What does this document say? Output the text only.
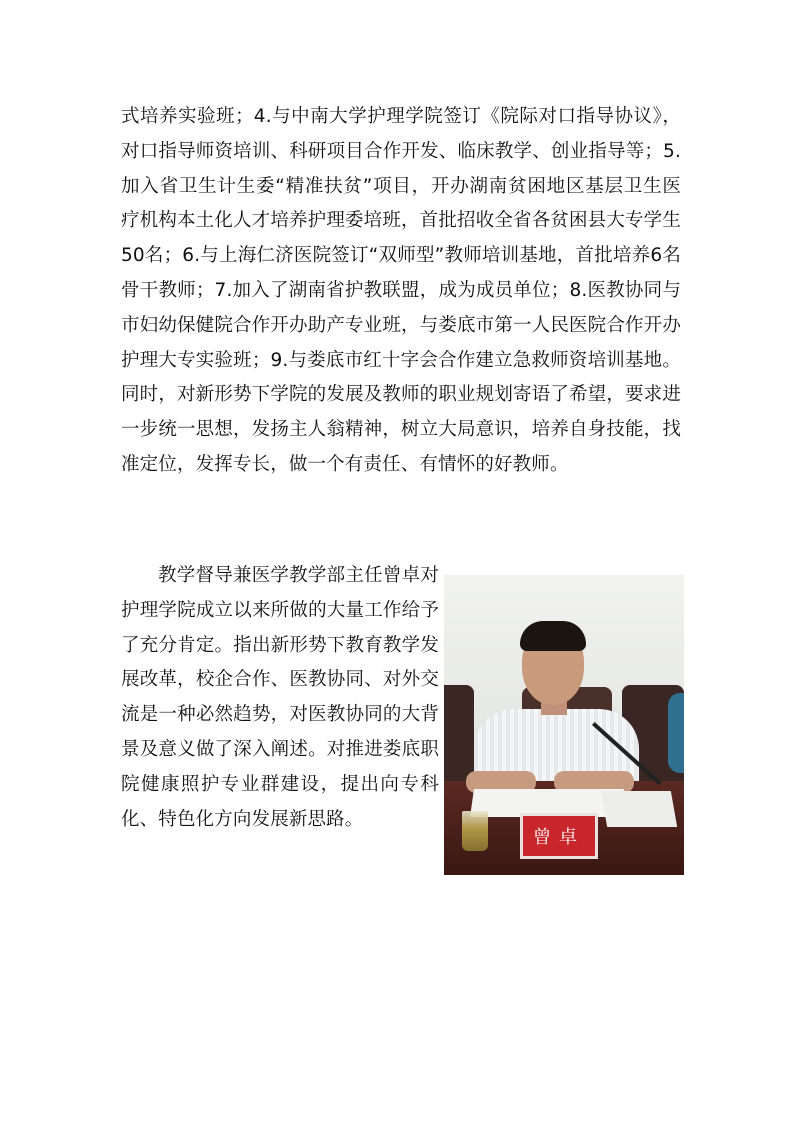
式培养实验班；4.与中南大学护理学院签订《院际对口指导协议》，对口指导师资培训、科研项目合作开发、临床教学、创业指导等；5.加入省卫生计生委“精准扶贫”项目，开办湖南贫困地区基层卫生医疗机构本土化人才培养护理委培班，首批招收全省各贫困县大专学生50名；6.与上海仁济医院签订“双师型”教师培训基地，首批培养6名骨干教师；7.加入了湖南省护教联盟，成为成员单位；8.医教协同与市妇幼保健院合作开办助产专业班，与娄底市第一人民医院合作开办护理大专实验班；9.与娄底市红十字会合作建立急救师资培训基地。同时，对新形势下学院的发展及教师的职业规划寄语了希望，要求进一步统一思想，发扬主人翁精神，树立大局意识，培养自身技能，找准定位，发挥专长，做一个有责任、有情怀的好教师。
教学督导兼医学教学部主任曾卓对护理学院成立以来所做的大量工作给予了充分肯定。指出新形势下教育教学发展改革，校企合作、医教协同、对外交流是一种必然趋势，对医教协同的大背景及意义做了深入阐述。对推进娄底职院健康照护专业群建设，提出向专科化、特色化方向发展新思路。
曾卓
